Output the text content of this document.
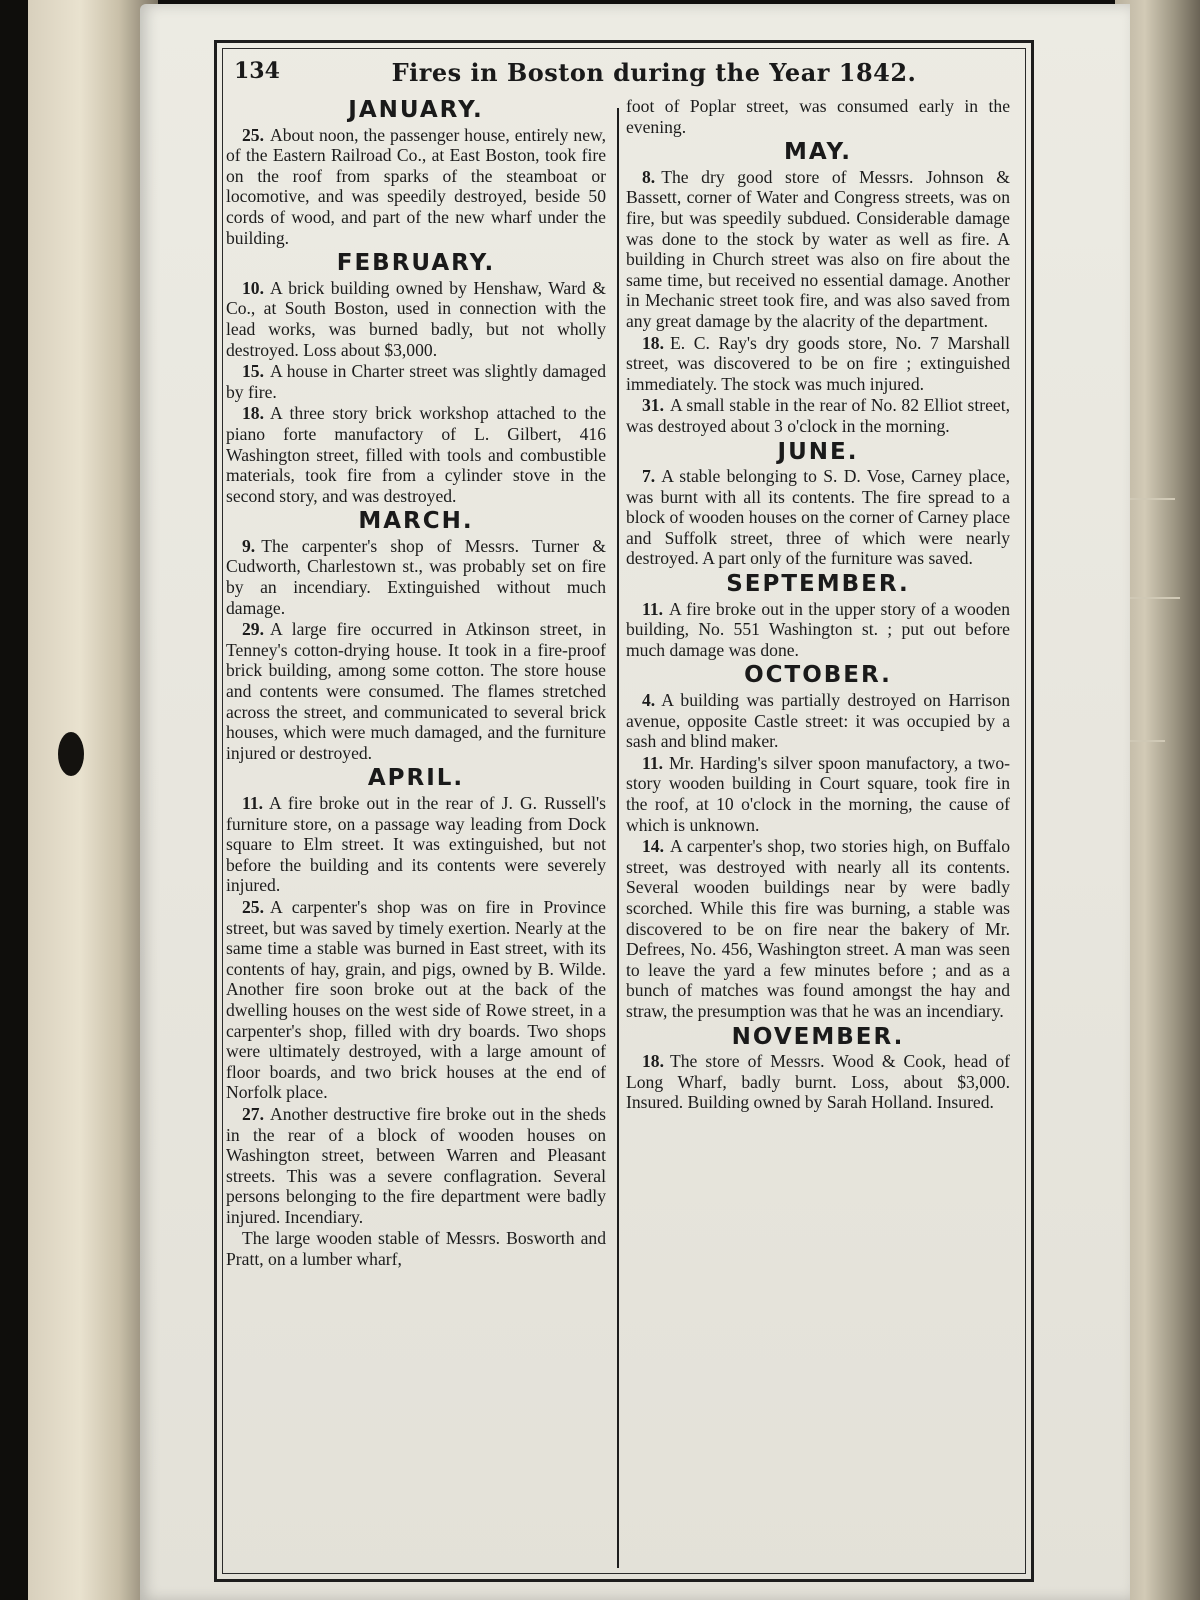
134	Fires in Boston during the Year 1842.
JANUARY.

25. About noon, the passenger house, entirely new, of the Eastern Railroad Co., at East Boston, took fire on the roof from sparks of the steamboat or locomotive, and was speedily destroyed, beside 50 cords of wood, and part of the new wharf under the building.

FEBRUARY.

10. A brick building owned by Henshaw, Ward & Co., at South Boston, used in connection with the lead works, was burned badly, but not wholly destroyed. Loss about $3,000.

15. A house in Charter street was slightly damaged by fire.

18. A three story brick workshop attached to the piano forte manufactory of L. Gilbert, 416 Washington street, filled with tools and combustible materials, took fire from a cylinder stove in the second story, and was destroyed.

MARCH.

9. The carpenter's shop of Messrs. Turner & Cudworth, Charlestown st., was probably set on fire by an incendiary. Extinguished without much damage.

29. A large fire occurred in Atkinson street, in Tenney's cotton-drying house. It took in a fire-proof brick building, among some cotton. The store house and contents were consumed. The flames stretched across the street, and communicated to several brick houses, which were much damaged, and the furniture injured or destroyed.

APRIL.

11. A fire broke out in the rear of J. G. Russell's furniture store, on a passage way leading from Dock square to Elm street. It was extinguished, but not before the building and its contents were severely injured.

25. A carpenter's shop was on fire in Province street, but was saved by timely exertion. Nearly at the same time a stable was burned in East street, with its contents of hay, grain, and pigs, owned by B. Wilde. Another fire soon broke out at the back of the dwelling houses on the west side of Rowe street, in a carpenter's shop, filled with dry boards. Two shops were ultimately destroyed, with a large amount of floor boards, and two brick houses at the end of Norfolk place.

27. Another destructive fire broke out in the sheds in the rear of a block of wooden houses on Washington street, between Warren and Pleasant streets. This was a severe conflagration. Several persons belonging to the fire department were badly injured. Incendiary.

The large wooden stable of Messrs. Bosworth and Pratt, on a lumber wharf,

foot of Poplar street, was consumed early in the evening.

MAY.

8. The dry good store of Messrs. Johnson & Bassett, corner of Water and Congress streets, was on fire, but was speedily subdued. Considerable damage was done to the stock by water as well as fire. A building in Church street was also on fire about the same time, but received no essential damage. Another in Mechanic street took fire, and was also saved from any great damage by the alacrity of the department.

18. E. C. Ray's dry goods store, No. 7 Marshall street, was discovered to be on fire ; extinguished immediately. The stock was much injured.

31. A small stable in the rear of No. 82 Elliot street, was destroyed about 3 o'clock in the morning.

JUNE.

7. A stable belonging to S. D. Vose, Carney place, was burnt with all its contents. The fire spread to a block of wooden houses on the corner of Carney place and Suffolk street, three of which were nearly destroyed. A part only of the furniture was saved.

SEPTEMBER.

11. A fire broke out in the upper story of a wooden building, No. 551 Washington st. ; put out before much damage was done.

OCTOBER.

4. A building was partially destroyed on Harrison avenue, opposite Castle street: it was occupied by a sash and blind maker.

11. Mr. Harding's silver spoon manufactory, a two-story wooden building in Court square, took fire in the roof, at 10 o'clock in the morning, the cause of which is unknown.

14. A carpenter's shop, two stories high, on Buffalo street, was destroyed with nearly all its contents. Several wooden buildings near by were badly scorched. While this fire was burning, a stable was discovered to be on fire near the bakery of Mr. Defrees, No. 456, Washington street. A man was seen to leave the yard a few minutes before ; and as a bunch of matches was found amongst the hay and straw, the presumption was that he was an incendiary.

NOVEMBER.

18. The store of Messrs. Wood & Cook, head of Long Wharf, badly burnt. Loss, about $3,000. Insured. Building owned by Sarah Holland. Insured.
